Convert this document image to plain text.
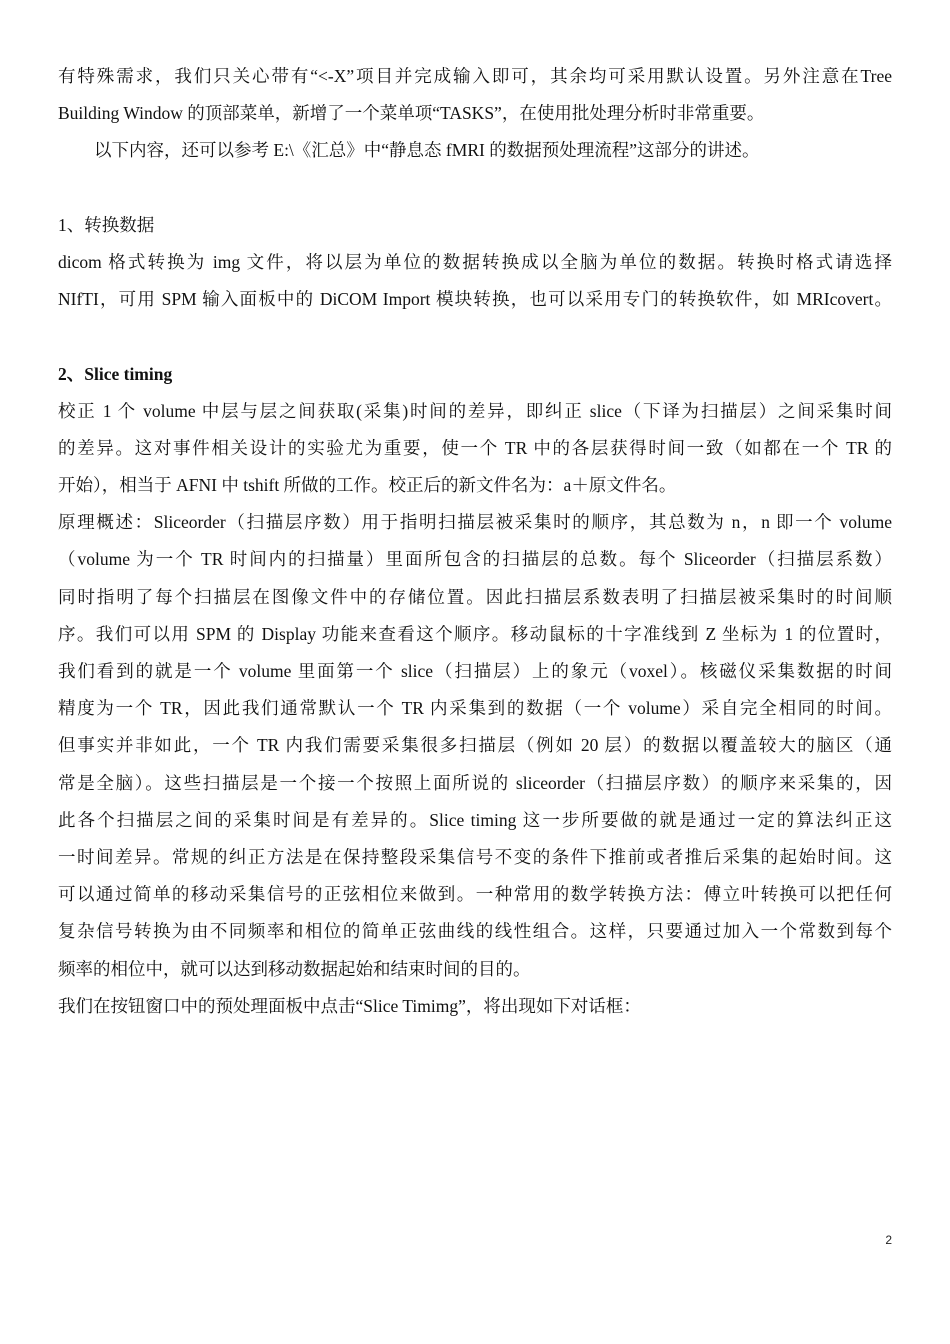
有特殊需求，我们只关心带有“<-X”项目并完成输入即可，其余均可采用默认设置。另外注意在Tree
Building Window 的顶部菜单，新增了一个菜单项“TASKS”，在使用批处理分析时非常重要。
以下内容，还可以参考 E:\《汇总》中“静息态 fMRI 的数据预处理流程”这部分的讲述。
1、转换数据
dicom 格式转换为 img 文件，将以层为单位的数据转换成以全脑为单位的数据。转换时格式请选择
NIfTI，可用 SPM 输入面板中的 DiCOM Import 模块转换，也可以采用专门的转换软件，如 MRIcovert。
2、Slice timing
校正 1 个 volume 中层与层之间获取(采集)时间的差异，即纠正 slice（下译为扫描层）之间采集时间
的差异。这对事件相关设计的实验尤为重要，使一个 TR 中的各层获得时间一致（如都在一个 TR 的
开始），相当于 AFNI 中 tshift 所做的工作。校正后的新文件名为：a＋原文件名。
原理概述：Sliceorder（扫描层序数）用于指明扫描层被采集时的顺序，其总数为 n，n 即一个 volume
（volume 为一个 TR 时间内的扫描量）里面所包含的扫描层的总数。每个 Sliceorder（扫描层系数）
同时指明了每个扫描层在图像文件中的存储位置。因此扫描层系数表明了扫描层被采集时的时间顺
序。我们可以用 SPM 的 Display 功能来查看这个顺序。移动鼠标的十字准线到 Z 坐标为 1 的位置时，
我们看到的就是一个 volume 里面第一个 slice（扫描层）上的象元（voxel）。核磁仪采集数据的时间
精度为一个 TR，因此我们通常默认一个 TR 内采集到的数据（一个 volume）采自完全相同的时间。
但事实并非如此，一个 TR 内我们需要采集很多扫描层（例如 20 层）的数据以覆盖较大的脑区（通
常是全脑）。这些扫描层是一个接一个按照上面所说的 sliceorder（扫描层序数）的顺序来采集的，因
此各个扫描层之间的采集时间是有差异的。Slice timing 这一步所要做的就是通过一定的算法纠正这
一时间差异。常规的纠正方法是在保持整段采集信号不变的条件下推前或者推后采集的起始时间。这
可以通过简单的移动采集信号的正弦相位来做到。一种常用的数学转换方法：傅立叶转换可以把任何
复杂信号转换为由不同频率和相位的简单正弦曲线的线性组合。这样，只要通过加入一个常数到每个
频率的相位中，就可以达到移动数据起始和结束时间的目的。
我们在按钮窗口中的预处理面板中点击“Slice Timimg”，将出现如下对话框：
2
